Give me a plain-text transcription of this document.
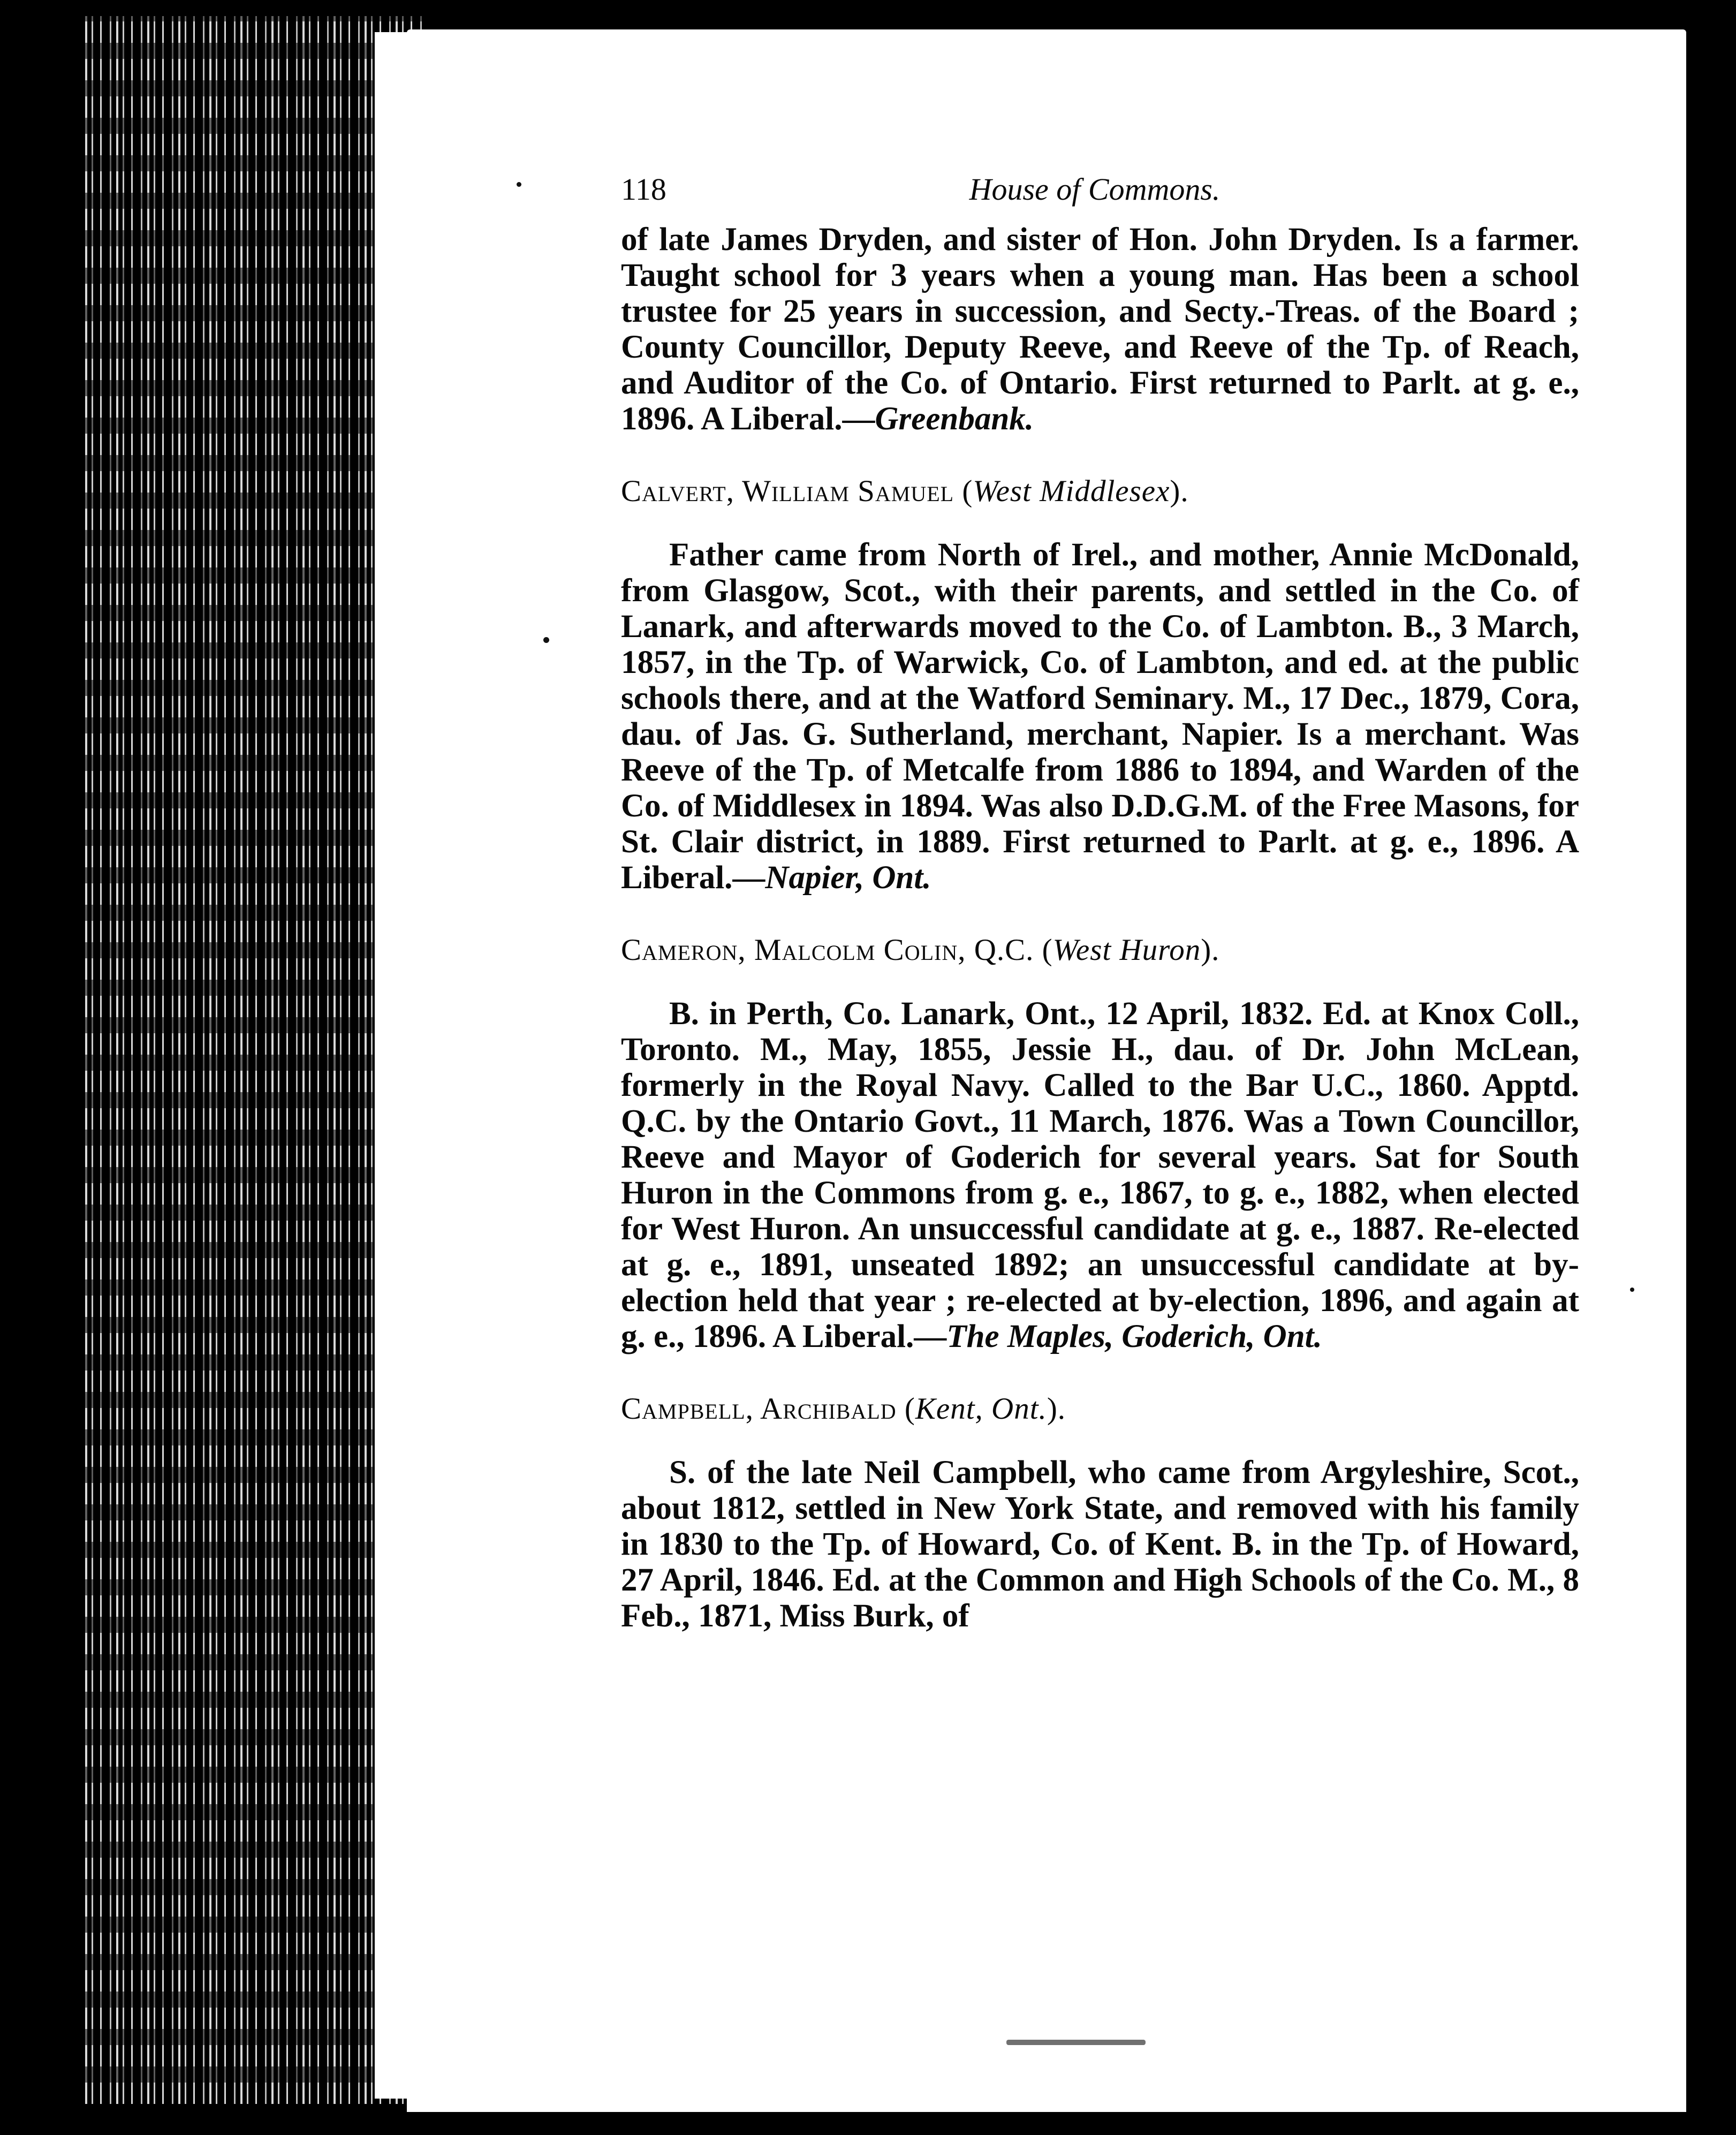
118	House of Commons.

of late James Dryden, and sister of Hon. John Dryden. Is a farmer. Taught school for 3 years when a young man. Has been a school trustee for 25 years in succession, and Secty.-Treas. of the Board ; County Councillor, Deputy Reeve, and Reeve of the Tp. of Reach, and Auditor of the Co. of Ontario. First returned to Parlt. at g. e., 1896. A Liberal.—Greenbank.

Calvert, William Samuel (West Middlesex).

Father came from North of Irel., and mother, Annie McDonald, from Glasgow, Scot., with their parents, and settled in the Co. of Lanark, and afterwards moved to the Co. of Lambton. B., 3 March, 1857, in the Tp. of Warwick, Co. of Lambton, and ed. at the public schools there, and at the Watford Seminary. M., 17 Dec., 1879, Cora, dau. of Jas. G. Sutherland, merchant, Napier. Is a merchant. Was Reeve of the Tp. of Metcalfe from 1886 to 1894, and Warden of the Co. of Middlesex in 1894. Was also D.D.G.M. of the Free Masons, for St. Clair district, in 1889. First returned to Parlt. at g. e., 1896. A Liberal.—Napier, Ont.

Cameron, Malcolm Colin, Q.C. (West Huron).

B. in Perth, Co. Lanark, Ont., 12 April, 1832. Ed. at Knox Coll., Toronto. M., May, 1855, Jessie H., dau. of Dr. John McLean, formerly in the Royal Navy. Called to the Bar U.C., 1860. Apptd. Q.C. by the Ontario Govt., 11 March, 1876. Was a Town Councillor, Reeve and Mayor of Goderich for several years. Sat for South Huron in the Commons from g. e., 1867, to g. e., 1882, when elected for West Huron. An unsuccessful candidate at g. e., 1887. Re-elected at g. e., 1891, unseated 1892; an unsuccessful candidate at by-election held that year ; re-elected at by-election, 1896, and again at g. e., 1896. A Liberal.—The Maples, Goderich, Ont.

Campbell, Archibald (Kent, Ont.).

S. of the late Neil Campbell, who came from Argyleshire, Scot., about 1812, settled in New York State, and removed with his family in 1830 to the Tp. of Howard, Co. of Kent. B. in the Tp. of Howard, 27 April, 1846. Ed. at the Common and High Schools of the Co. M., 8 Feb., 1871, Miss Burk, of
